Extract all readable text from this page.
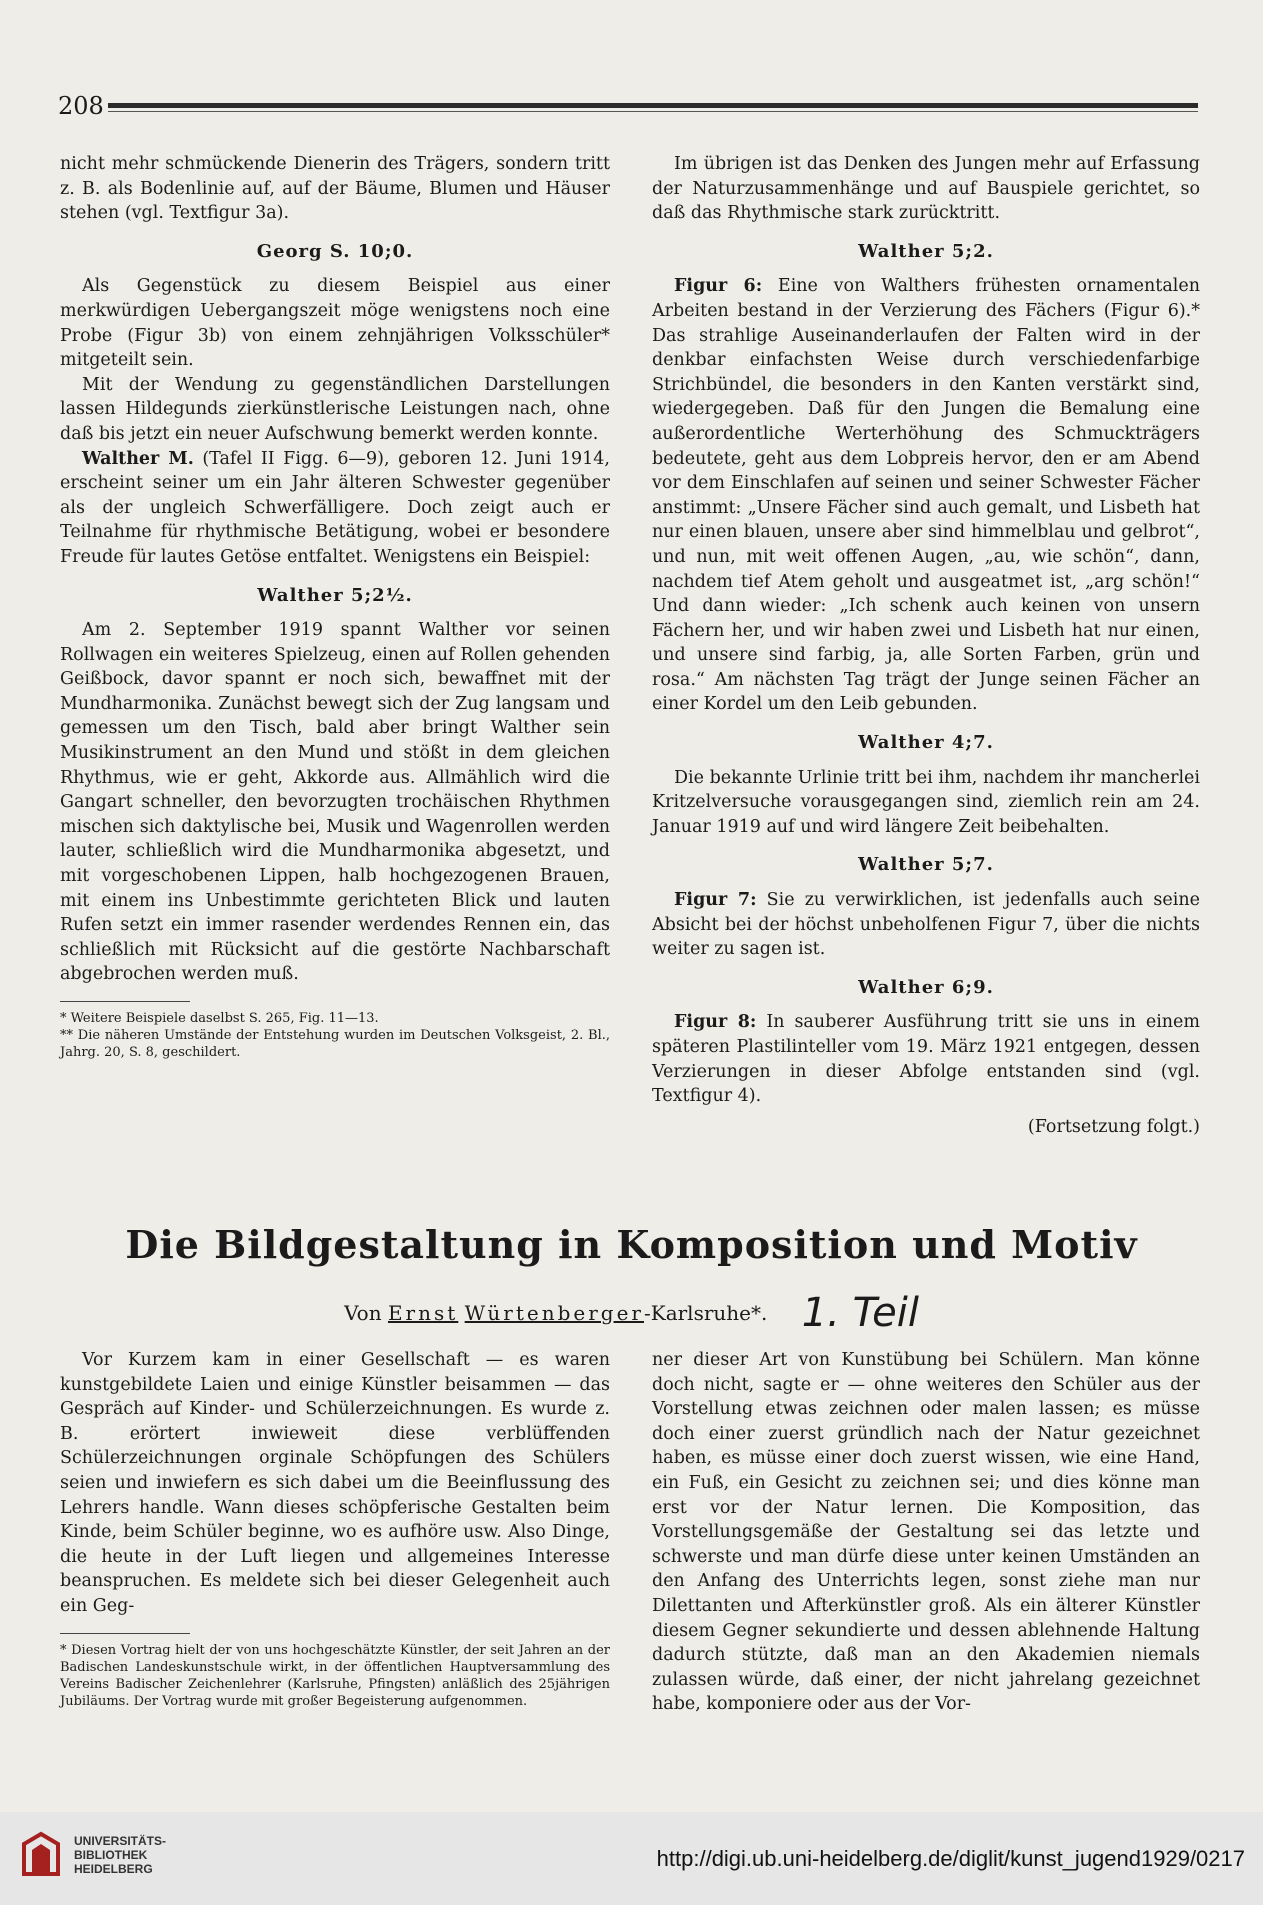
208

nicht mehr schmückende Dienerin des Trägers, sondern tritt z. B. als Bodenlinie auf, auf der Bäume, Blumen und Häuser stehen (vgl. Textfigur 3a).

Georg S. 10;0.

Als Gegenstück zu diesem Beispiel aus einer merkwürdigen Uebergangszeit möge wenigstens noch eine Probe (Figur 3b) von einem zehnjährigen Volksschüler* mitgeteilt sein.

Mit der Wendung zu gegenständlichen Darstellungen lassen Hildegunds zierkünstlerische Leistungen nach, ohne daß bis jetzt ein neuer Aufschwung bemerkt werden konnte.

Walther M. (Tafel II Figg. 6—9), geboren 12. Juni 1914, erscheint seiner um ein Jahr älteren Schwester gegenüber als der ungleich Schwerfälligere. Doch zeigt auch er Teilnahme für rhythmische Betätigung, wobei er besondere Freude für lautes Getöse entfaltet. Wenigstens ein Beispiel:

Walther 5;2½.

Am 2. September 1919 spannt Walther vor seinen Rollwagen ein weiteres Spielzeug, einen auf Rollen gehenden Geißbock, davor spannt er noch sich, bewaffnet mit der Mundharmonika. Zunächst bewegt sich der Zug langsam und gemessen um den Tisch, bald aber bringt Walther sein Musikinstrument an den Mund und stößt in dem gleichen Rhythmus, wie er geht, Akkorde aus. Allmählich wird die Gangart schneller, den bevorzugten trochäischen Rhythmen mischen sich daktylische bei, Musik und Wagenrollen werden lauter, schließlich wird die Mundharmonika abgesetzt, und mit vorgeschobenen Lippen, halb hochgezogenen Brauen, mit einem ins Unbestimmte gerichteten Blick und lauten Rufen setzt ein immer rasender werdendes Rennen ein, das schließlich mit Rücksicht auf die gestörte Nachbarschaft abgebrochen werden muß.

* Weitere Beispiele daselbst S. 265, Fig. 11—13.

** Die näheren Umstände der Entstehung wurden im Deutschen Volksgeist, 2. Bl., Jahrg. 20, S. 8, geschildert.

Im übrigen ist das Denken des Jungen mehr auf Erfassung der Naturzusammenhänge und auf Bauspiele gerichtet, so daß das Rhythmische stark zurücktritt.

Walther 5;2.

Figur 6: Eine von Walthers frühesten ornamentalen Arbeiten bestand in der Verzierung des Fächers (Figur 6).* Das strahlige Auseinanderlaufen der Falten wird in der denkbar einfachsten Weise durch verschiedenfarbige Strichbündel, die besonders in den Kanten verstärkt sind, wiedergegeben. Daß für den Jungen die Bemalung eine außerordentliche Werterhöhung des Schmuckträgers bedeutete, geht aus dem Lobpreis hervor, den er am Abend vor dem Einschlafen auf seinen und seiner Schwester Fächer anstimmt: „Unsere Fächer sind auch gemalt, und Lisbeth hat nur einen blauen, unsere aber sind himmelblau und gelbrot“, und nun, mit weit offenen Augen, „au, wie schön“, dann, nachdem tief Atem geholt und ausgeatmet ist, „arg schön!“ Und dann wieder: „Ich schenk auch keinen von unsern Fächern her, und wir haben zwei und Lisbeth hat nur einen, und unsere sind farbig, ja, alle Sorten Farben, grün und rosa.“ Am nächsten Tag trägt der Junge seinen Fächer an einer Kordel um den Leib gebunden.

Walther 4;7.

Die bekannte Urlinie tritt bei ihm, nachdem ihr mancherlei Kritzelversuche vorausgegangen sind, ziemlich rein am 24. Januar 1919 auf und wird längere Zeit beibehalten.

Walther 5;7.

Figur 7: Sie zu verwirklichen, ist jedenfalls auch seine Absicht bei der höchst unbeholfenen Figur 7, über die nichts weiter zu sagen ist.

Walther 6;9.

Figur 8: In sauberer Ausführung tritt sie uns in einem späteren Plastilinteller vom 19. März 1921 entgegen, dessen Verzierungen in dieser Abfolge entstanden sind (vgl. Textfigur 4).

(Fortsetzung folgt.)

Die Bildgestaltung in Komposition und Motiv
Von Ernst Würtenberger-Karlsruhe*. 1. Teil

Vor Kurzem kam in einer Gesellschaft — es waren kunstgebildete Laien und einige Künstler beisammen — das Gespräch auf Kinder- und Schülerzeichnungen. Es wurde z. B. erörtert inwieweit diese verblüffenden Schülerzeichnungen orginale Schöpfungen des Schülers seien und inwiefern es sich dabei um die Beeinflussung des Lehrers handle. Wann dieses schöpferische Gestalten beim Kinde, beim Schüler beginne, wo es aufhöre usw. Also Dinge, die heute in der Luft liegen und allgemeines Interesse beanspruchen. Es meldete sich bei dieser Gelegenheit auch ein Geg-

* Diesen Vortrag hielt der von uns hochgeschätzte Künstler, der seit Jahren an der Badischen Landeskunstschule wirkt, in der öffentlichen Hauptversammlung des Vereins Badischer Zeichenlehrer (Karlsruhe, Pfingsten) anläßlich des 25jährigen Jubiläums. Der Vortrag wurde mit großer Begeisterung aufgenommen.

ner dieser Art von Kunstübung bei Schülern. Man könne doch nicht, sagte er — ohne weiteres den Schüler aus der Vorstellung etwas zeichnen oder malen lassen; es müsse doch einer zuerst gründlich nach der Natur gezeichnet haben, es müsse einer doch zuerst wissen, wie eine Hand, ein Fuß, ein Gesicht zu zeichnen sei; und dies könne man erst vor der Natur lernen. Die Komposition, das Vorstellungsgemäße der Gestaltung sei das letzte und schwerste und man dürfe diese unter keinen Umständen an den Anfang des Unterrichts legen, sonst ziehe man nur Dilettanten und Afterkünstler groß. Als ein älterer Künstler diesem Gegner sekundierte und dessen ablehnende Haltung dadurch stützte, daß man an den Akademien niemals zulassen würde, daß einer, der nicht jahrelang gezeichnet habe, komponiere oder aus der Vor-

UNIVERSITÄTS-
BIBLIOTHEK
HEIDELBERG	http://digi.ub.uni-heidelberg.de/diglit/kunst_jugend1929/0217
